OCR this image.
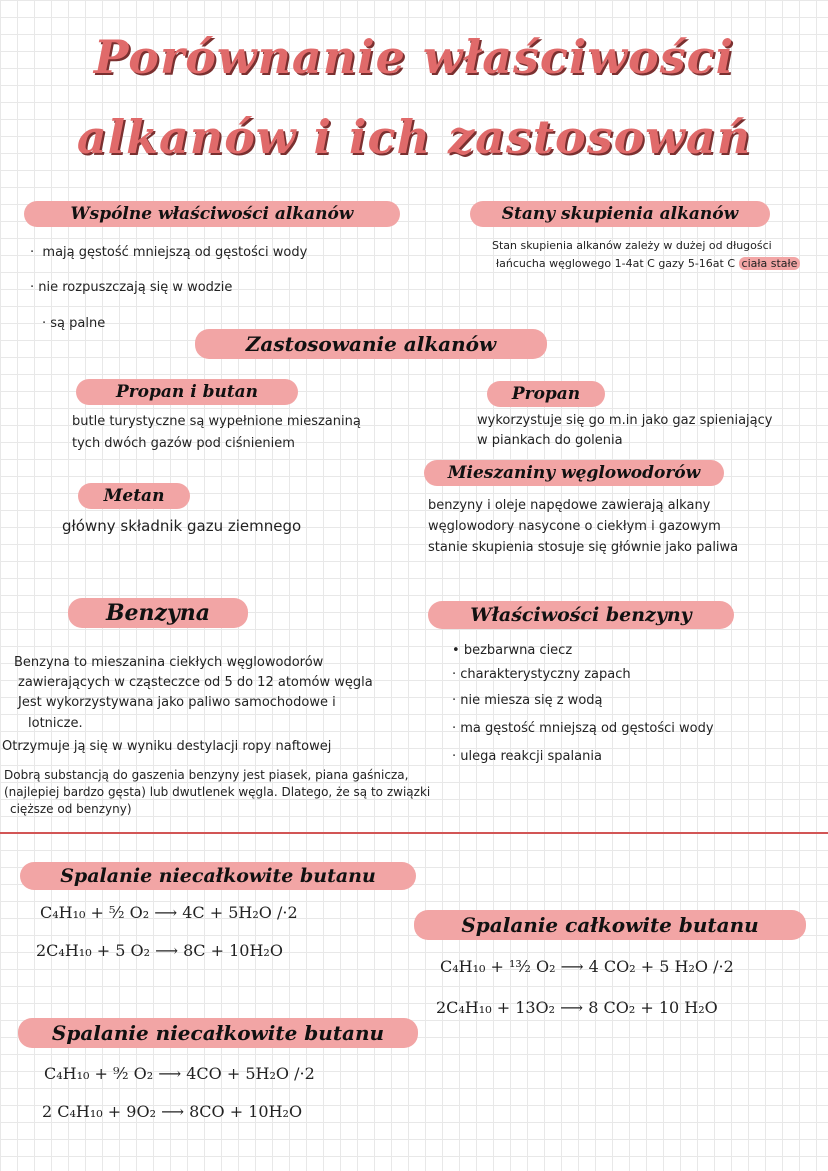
Porównanie właściwości
alkanów i ich zastosowań
Wspólne właściwości alkanów
·  mają gęstość mniejszą od gęstości wody
· nie rozpuszczają się w wodzie
· są palne
Stany skupienia alkanów
Stan skupienia alkanów zależy w dużej od długości
łańcucha węglowego 1-4at C gazy 5-16at C ciała stałe
Zastosowanie alkanów
Propan i butan
butle turystyczne są wypełnione mieszaniną
tych dwóch gazów pod ciśnieniem
Metan
główny składnik gazu ziemnego
Propan
wykorzystuje się go m.in jako gaz spieniający
w piankach do golenia
Mieszaniny węglowodorów
benzyny i oleje napędowe zawierają alkany
węglowodory nasycone o ciekłym i gazowym
stanie skupienia stosuje się głównie jako paliwa
Benzyna
Benzyna to mieszanina ciekłych węglowodorów
zawierających w cząsteczce od 5 do 12 atomów węgla
Jest wykorzystywana jako paliwo samochodowe i
lotnicze.
Otrzymuje ją się w wyniku destylacji ropy naftowej
Dobrą substancją do gaszenia benzyny jest piasek, piana gaśnicza,
(najlepiej bardzo gęsta) lub dwutlenek węgla. Dlatego, że są to związki
cięższe od benzyny)
Właściwości benzyny
• bezbarwna ciecz
· charakterystyczny zapach
· nie miesza się z wodą
· ma gęstość mniejszą od gęstości wody
· ulega reakcji spalania
Spalanie niecałkowite butanu
C₄H₁₀ + ⁵⁄₂ O₂ ⟶ 4C + 5H₂O /·2
2C₄H₁₀ + 5 O₂ ⟶ 8C + 10H₂O
Spalanie całkowite butanu
C₄H₁₀ + ¹³⁄₂ O₂ ⟶ 4 CO₂ + 5 H₂O /·2
2C₄H₁₀ + 13O₂ ⟶ 8 CO₂ + 10 H₂O
Spalanie niecałkowite butanu
C₄H₁₀ + ⁹⁄₂ O₂ ⟶ 4CO + 5H₂O /·2
2 C₄H₁₀ + 9O₂ ⟶ 8CO + 10H₂O
